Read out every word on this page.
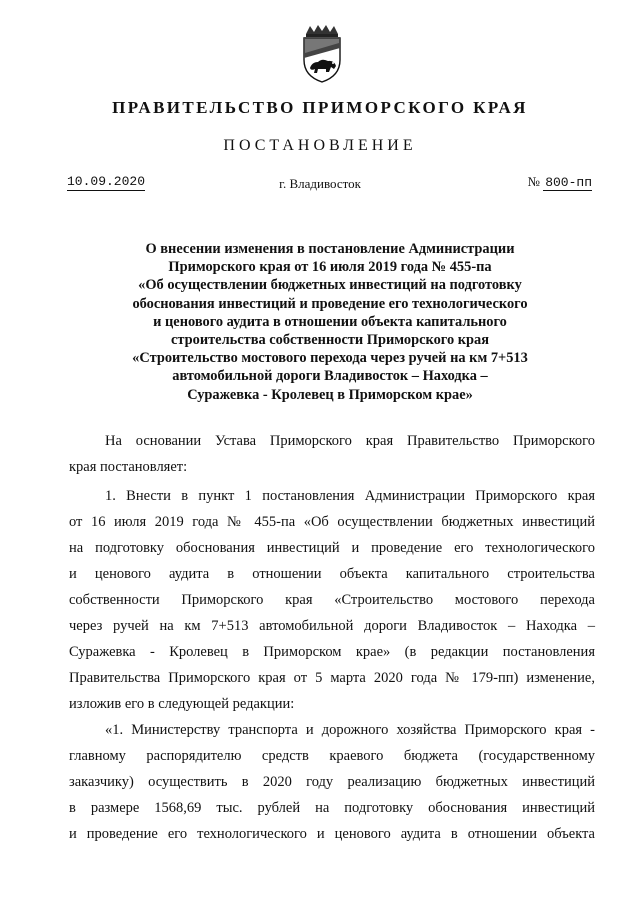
ПРАВИТЕЛЬСТВО ПРИМОРСКОГО КРАЯ
ПОСТАНОВЛЕНИЕ
10.09.2020	г. Владивосток	№ 800-пп
О внесении изменения в постановление Администрации
Приморского края от 16 июля 2019 года № 455-па
«Об осуществлении бюджетных инвестиций на подготовку
обоснования инвестиций и проведение его технологического
и ценового аудита в отношении объекта капитального
строительства собственности Приморского края
«Строительство мостового перехода через ручей на км 7+513
автомобильной дороги Владивосток – Находка –
Суражевка - Кролевец в Приморском крае»
На основании Устава Приморского края Правительство Приморского
края постановляет:
1. Внести в пункт 1 постановления Администрации Приморского края
от 16 июля 2019 года № 455-па «Об осуществлении бюджетных инвестиций
на подготовку обоснования инвестиций и проведение его технологического
и ценового аудита в отношении объекта капитального строительства
собственности Приморского края «Строительство мостового перехода
через ручей на км 7+513 автомобильной дороги Владивосток – Находка –
Суражевка - Кролевец в Приморском крае» (в редакции постановления
Правительства Приморского края от 5 марта 2020 года № 179-пп) изменение,
изложив его в следующей редакции:
«1. Министерству транспорта и дорожного хозяйства Приморского края -
главному распорядителю средств краевого бюджета (государственному
заказчику) осуществить в 2020 году реализацию бюджетных инвестиций
в размере 1568,69 тыс. рублей на подготовку обоснования инвестиций
и проведение его технологического и ценового аудита в отношении объекта
